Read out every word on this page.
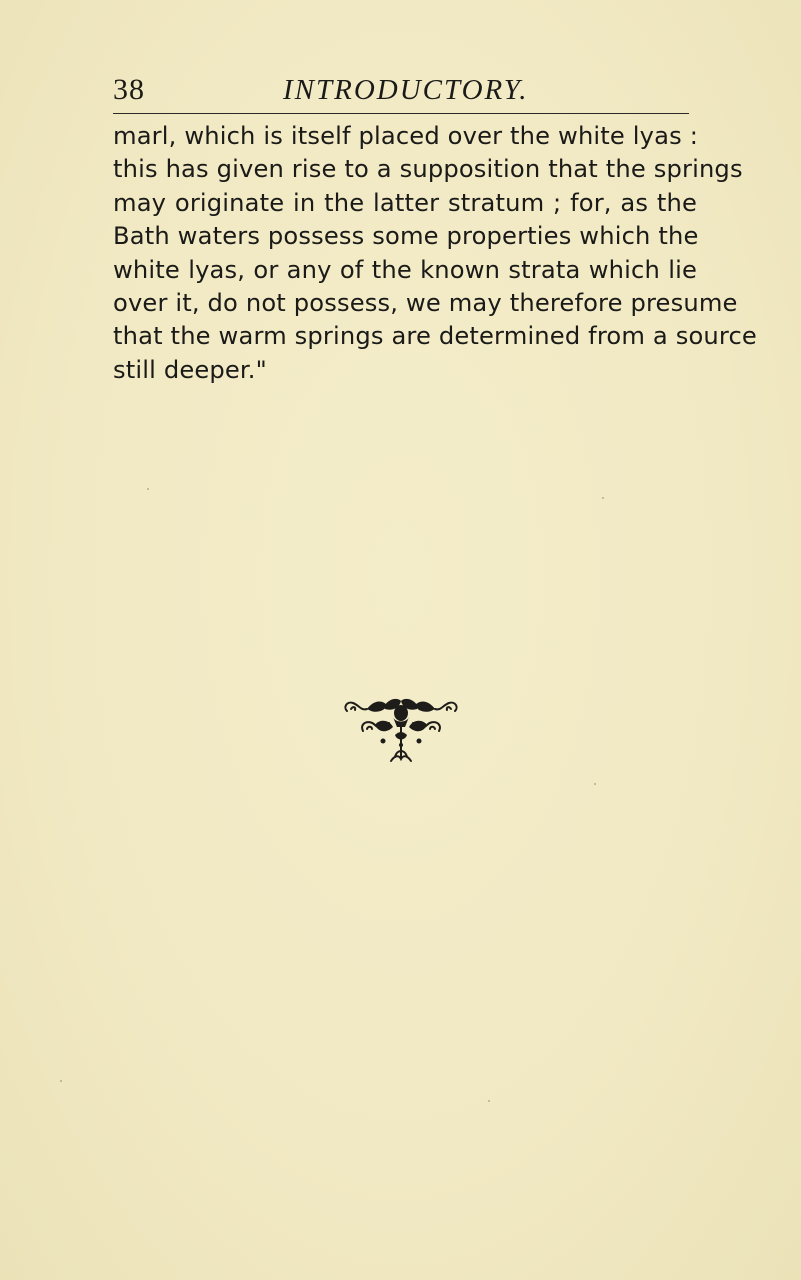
38	INTRODUCTORY.
marl, which is itself placed over the white lyas :
this has given rise to a supposition that the springs
may originate in the latter stratum ; for, as the
Bath waters possess some properties which the
white lyas, or any of the known strata which lie
over it, do not possess, we may therefore presume
that the warm springs are determined from a source
still deeper."
